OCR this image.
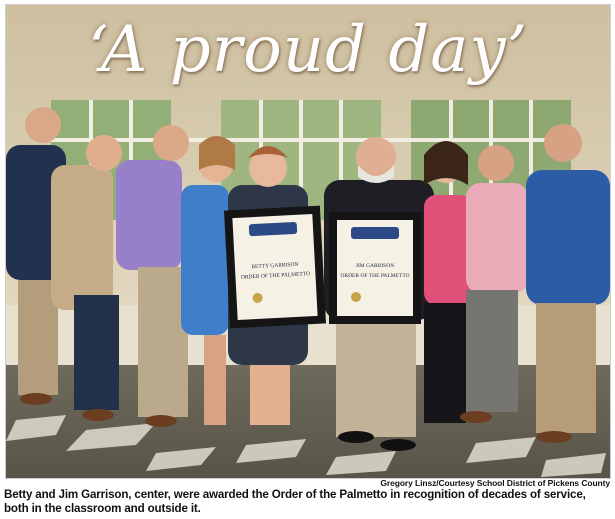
BETTY GARRISON
ORDER OF THE PALMETTO
JIM GARRISON
ORDER OF THE PALMETTO
‘A proud day’
Gregory Linsz/Courtesy School District of Pickens County
Betty and Jim Garrison, center, were awarded the Order of the Palmetto in recognition of decades of service, both in the classroom and outside it.
